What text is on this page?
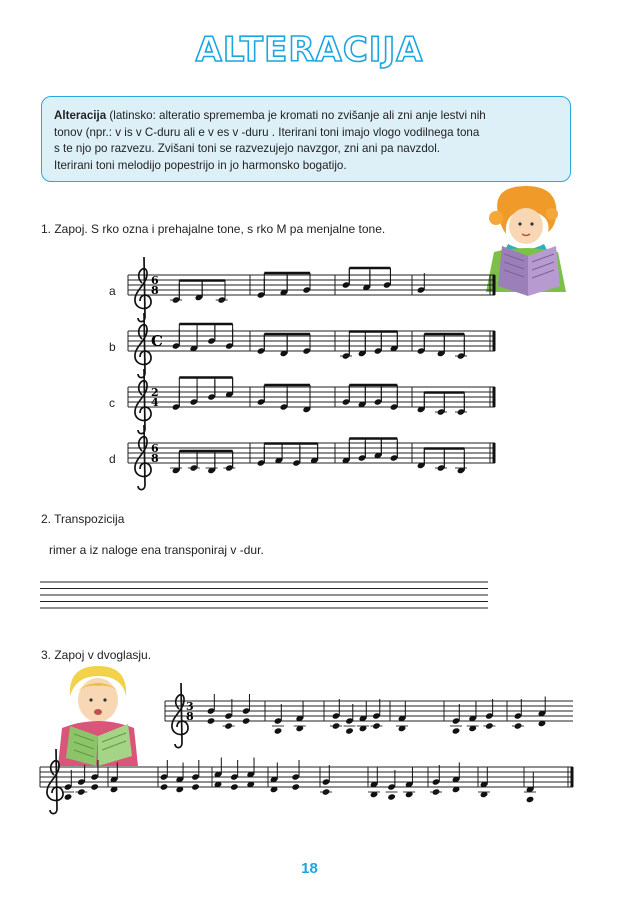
ALTERACIJA
Alteracija (latinsko: alteratio sprememba je kromati no zvišanje ali zni anje lestvi nih
tonov (npr.: v is v C-duru ali e v es v -duru . Iterirani toni imajo vlogo vodilnega tona
s te njo po razvezu. Zvišani toni se razvezujejo navzgor, zni ani pa navzdol.
Iterirani toni melodijo popestrijo in jo harmonsko bogatijo.
1. Zapoj. S rko ozna i prehajalne tone, s rko M pa menjalne tone.
a
b
c
d
2. Transpozicija
rimer a iz naloge ena transponiraj v -dur.
3. Zapoj v dvoglasju.
6
8
C
2
4
6
8
3
8
18
